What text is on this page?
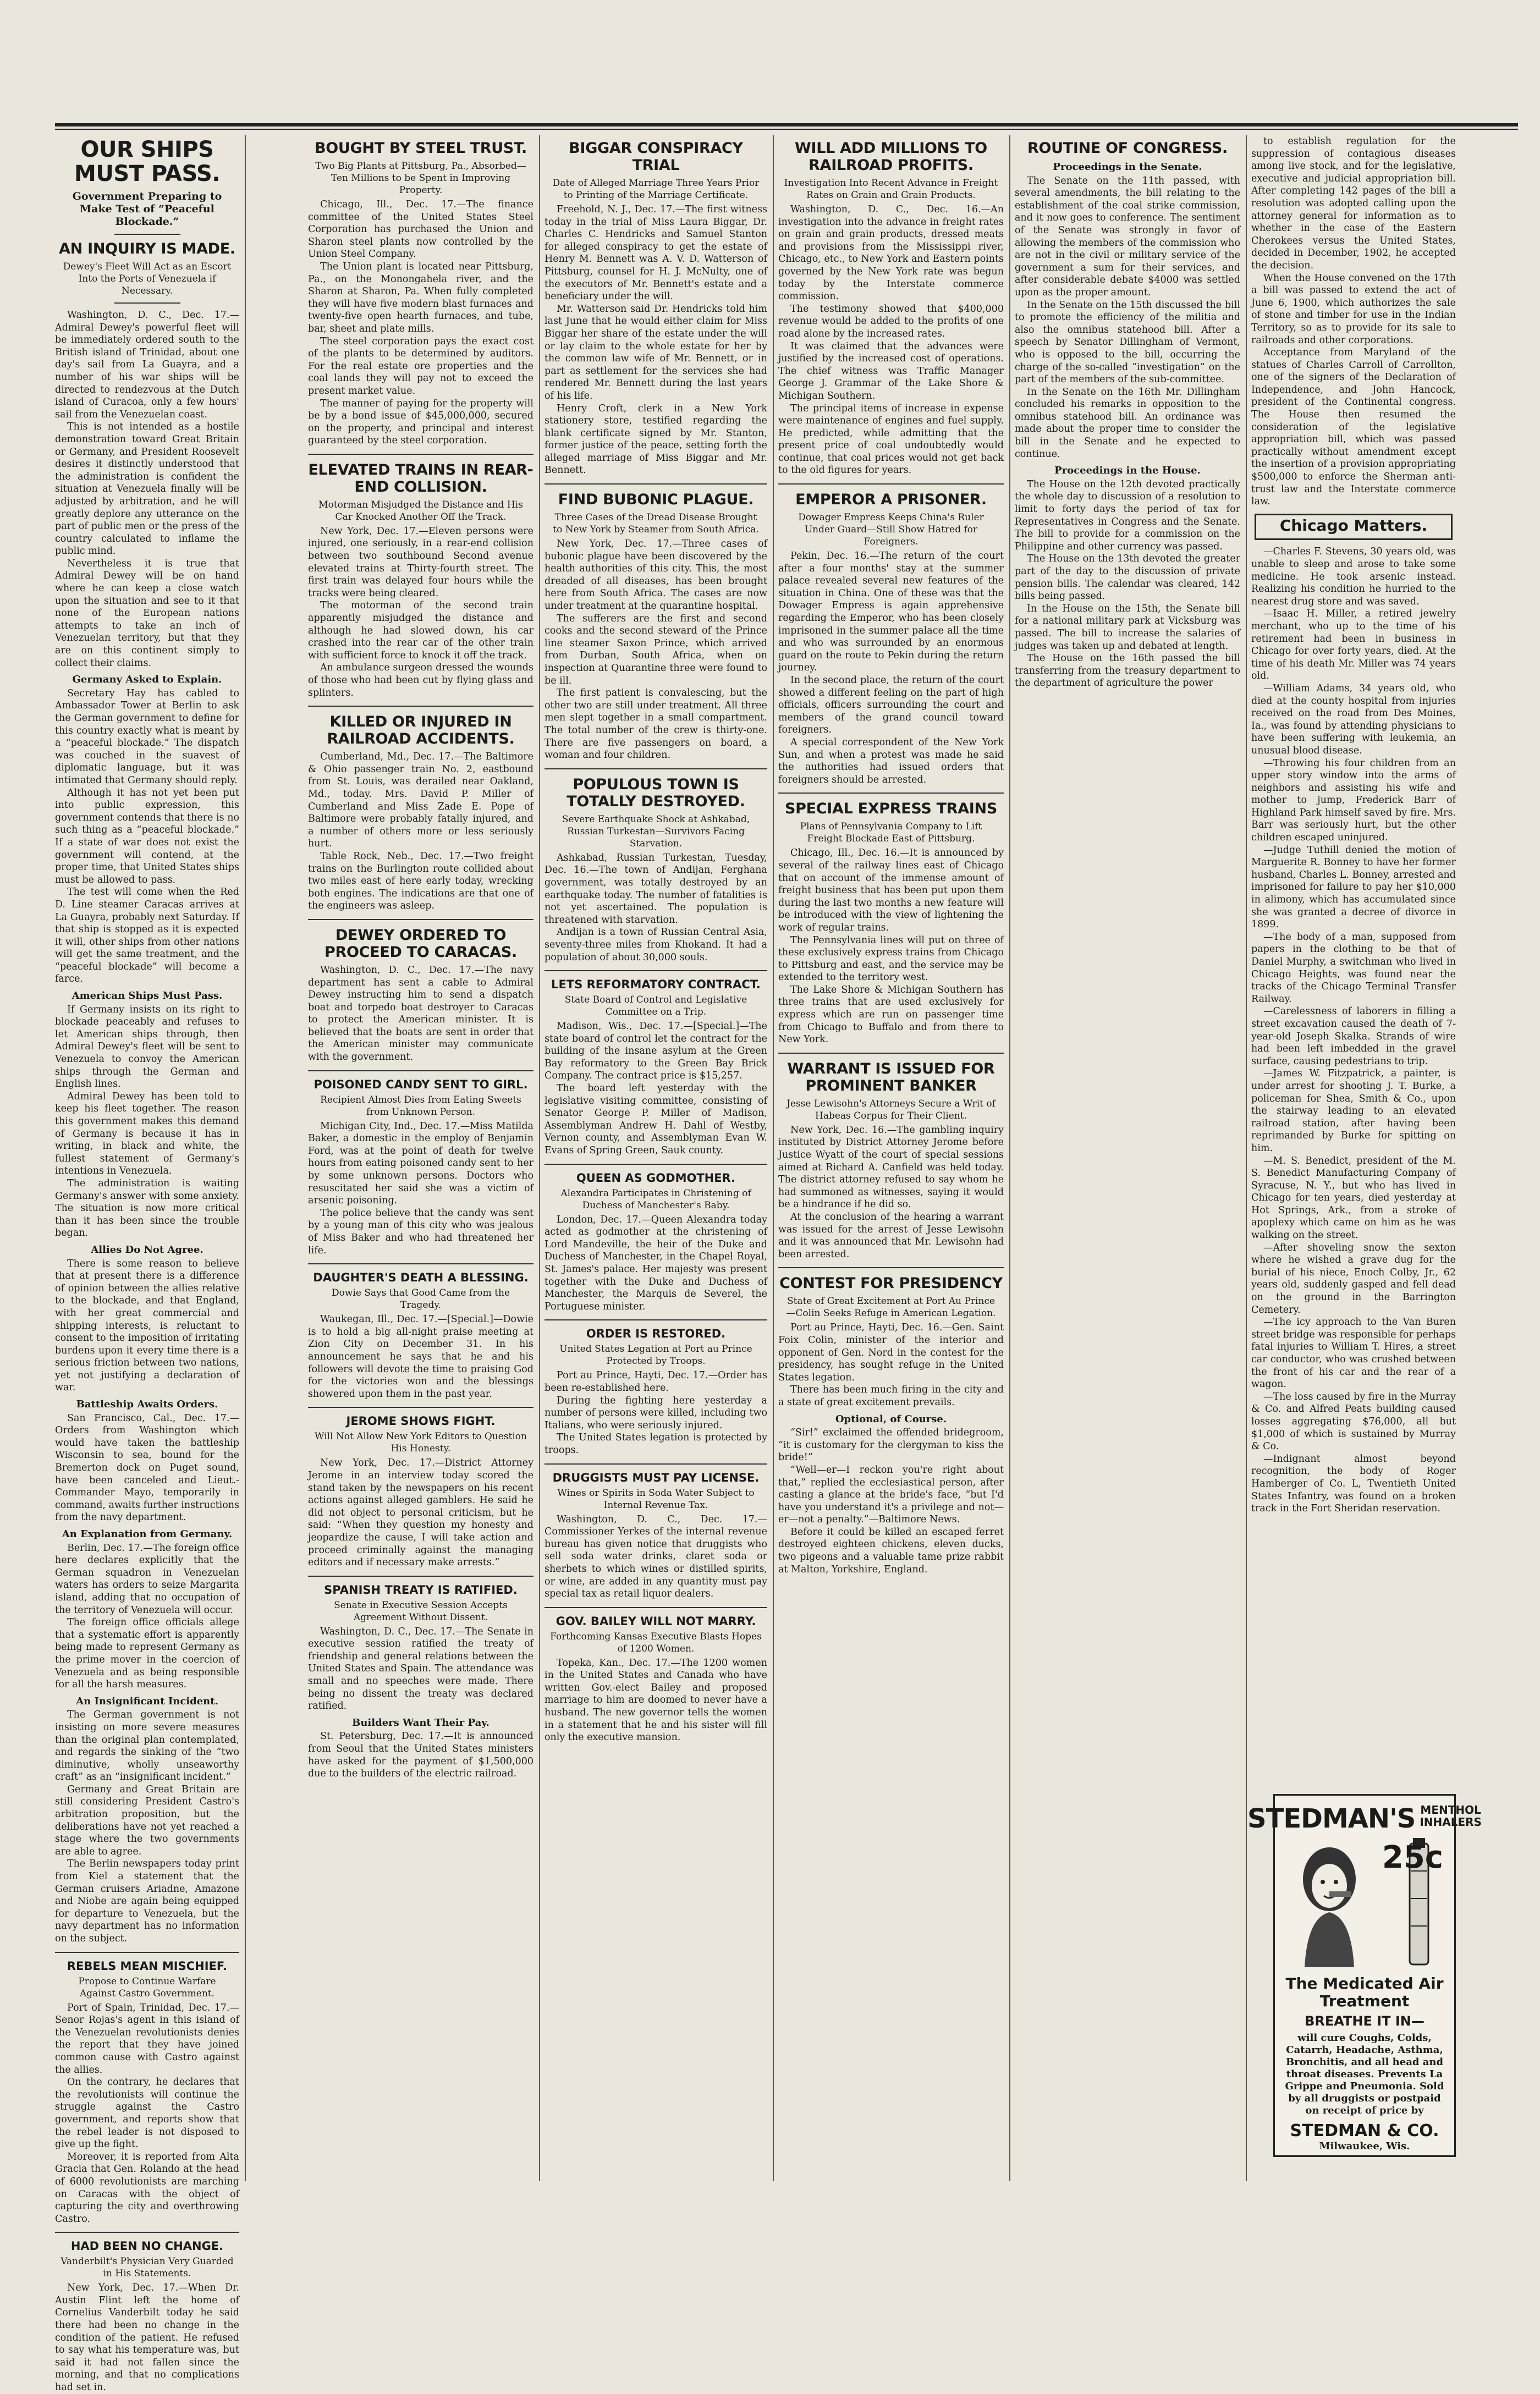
OUR SHIPS MUST PASS.
Government Preparing to Make Test of “Peaceful Blockade.”
AN INQUIRY IS MADE.
Dewey's Fleet Will Act as an Escort Into the Ports of Venezuela if Necessary.

Washington, D. C., Dec. 17.—Admiral Dewey's powerful fleet will be immediately ordered south to the British island of Trinidad, about one day's sail from La Guayra, and a number of his war ships will be directed to rendezvous at the Dutch island of Curacoa, only a few hours' sail from the Venezuelan coast.

This is not intended as a hostile demonstration toward Great Britain or Germany, and President Roosevelt desires it distinctly understood that the administration is confident the situation at Venezuela finally will be adjusted by arbitration, and he will greatly deplore any utterance on the part of public men or the press of the country calculated to inflame the public mind.

Nevertheless it is true that Admiral Dewey will be on hand where he can keep a close watch upon the situation and see to it that none of the European nations attempts to take an inch of Venezuelan territory, but that they are on this continent simply to collect their claims.

Germany Asked to Explain.

Secretary Hay has cabled to Ambassador Tower at Berlin to ask the German government to define for this country exactly what is meant by a “peaceful blockade.” The dispatch was couched in the suavest of diplomatic language, but it was intimated that Germany should reply.

Although it has not yet been put into public expression, this government contends that there is no such thing as a “peaceful blockade.” If a state of war does not exist the government will contend, at the proper time, that United States ships must be allowed to pass.

The test will come when the Red D. Line steamer Caracas arrives at La Guayra, probably next Saturday. If that ship is stopped as it is expected it will, other ships from other nations will get the same treatment, and the “peaceful blockade” will become a farce.

American Ships Must Pass.

If Germany insists on its right to blockade peaceably and refuses to let American ships through, then Admiral Dewey's fleet will be sent to Venezuela to convoy the American ships through the German and English lines.

Admiral Dewey has been told to keep his fleet together. The reason this government makes this demand of Germany is because it has in writing, in black and white, the fullest statement of Germany's intentions in Venezuela.

The administration is waiting Germany's answer with some anxiety. The situation is now more critical than it has been since the trouble began.

Allies Do Not Agree.

There is some reason to believe that at present there is a difference of opinion between the allies relative to the blockade, and that England, with her great commercial and shipping interests, is reluctant to consent to the imposition of irritating burdens upon it every time there is a serious friction between two nations, yet not justifying a declaration of war.

Battleship Awaits Orders.

San Francisco, Cal., Dec. 17.—Orders from Washington which would have taken the battleship Wisconsin to sea, bound for the Bremerton dock on Puget sound, have been canceled and Lieut.-Commander Mayo, temporarily in command, awaits further instructions from the navy department.

An Explanation from Germany.

Berlin, Dec. 17.—The foreign office here declares explicitly that the German squadron in Venezuelan waters has orders to seize Margarita island, adding that no occupation of the territory of Venezuela will occur.

The foreign office officials allege that a systematic effort is apparently being made to represent Germany as the prime mover in the coercion of Venezuela and as being responsible for all the harsh measures.

An Insignificant Incident.

The German government is not insisting on more severe measures than the original plan contemplated, and regards the sinking of the “two diminutive, wholly unseaworthy craft” as an “insignificant incident.”

Germany and Great Britain are still considering President Castro's arbitration proposition, but the deliberations have not yet reached a stage where the two governments are able to agree.

The Berlin newspapers today print from Kiel a statement that the German cruisers Ariadne, Amazone and Niobe are again being equipped for departure to Venezuela, but the navy department has no information on the subject.

REBELS MEAN MISCHIEF.
Propose to Continue Warfare Against Castro Government.

Port of Spain, Trinidad, Dec. 17.—Senor Rojas's agent in this island of the Venezuelan revolutionists denies the report that they have joined common cause with Castro against the allies.

On the contrary, he declares that the revolutionists will continue the struggle against the Castro government, and reports show that the rebel leader is not disposed to give up the fight.

Moreover, it is reported from Alta Gracia that Gen. Rolando at the head of 6000 revolutionists are marching on Caracas with the object of capturing the city and overthrowing Castro.

HAD BEEN NO CHANGE.
Vanderbilt's Physician Very Guarded in His Statements.

New York, Dec. 17.—When Dr. Austin Flint left the home of Cornelius Vanderbilt today he said there had been no change in the condition of the patient. He refused to say what his temperature was, but said it had not fallen since the morning, and that no complications had set in.

BOUGHT BY STEEL TRUST.
Two Big Plants at Pittsburg, Pa., Absorbed—Ten Millions to be Spent in Improving Property.

Chicago, Ill., Dec. 17.—The finance committee of the United States Steel Corporation has purchased the Union and Sharon steel plants now controlled by the Union Steel Company.

The Union plant is located near Pittsburg, Pa., on the Monongahela river, and the Sharon at Sharon, Pa. When fully completed they will have five modern blast furnaces and twenty-five open hearth furnaces, and tube, bar, sheet and plate mills.

The steel corporation pays the exact cost of the plants to be determined by auditors. For the real estate ore properties and the coal lands they will pay not to exceed the present market value.

The manner of paying for the property will be by a bond issue of $45,000,000, secured on the property, and principal and interest guaranteed by the steel corporation.

ELEVATED TRAINS IN REAR-END COLLISION.
Motorman Misjudged the Distance and His Car Knocked Another Off the Track.

New York, Dec. 17.—Eleven persons were injured, one seriously, in a rear-end collision between two southbound Second avenue elevated trains at Thirty-fourth street. The first train was delayed four hours while the tracks were being cleared.

The motorman of the second train apparently misjudged the distance and although he had slowed down, his car crashed into the rear car of the other train with sufficient force to knock it off the track.

An ambulance surgeon dressed the wounds of those who had been cut by flying glass and splinters.

KILLED OR INJURED IN RAILROAD ACCIDENTS.

Cumberland, Md., Dec. 17.—The Baltimore & Ohio passenger train No. 2, eastbound from St. Louis, was derailed near Oakland, Md., today. Mrs. David P. Miller of Cumberland and Miss Zade E. Pope of Baltimore were probably fatally injured, and a number of others more or less seriously hurt.

Table Rock, Neb., Dec. 17.—Two freight trains on the Burlington route collided about two miles east of here early today, wrecking both engines. The indications are that one of the engineers was asleep.

DEWEY ORDERED TO PROCEED TO CARACAS.

Washington, D. C., Dec. 17.—The navy department has sent a cable to Admiral Dewey instructing him to send a dispatch boat and torpedo boat destroyer to Caracas to protect the American minister. It is believed that the boats are sent in order that the American minister may communicate with the government.

POISONED CANDY SENT TO GIRL.
Recipient Almost Dies from Eating Sweets from Unknown Person.

Michigan City, Ind., Dec. 17.—Miss Matilda Baker, a domestic in the employ of Benjamin Ford, was at the point of death for twelve hours from eating poisoned candy sent to her by some unknown persons. Doctors who resuscitated her said she was a victim of arsenic poisoning.

The police believe that the candy was sent by a young man of this city who was jealous of Miss Baker and who had threatened her life.

DAUGHTER'S DEATH A BLESSING.
Dowie Says that Good Came from the Tragedy.

Waukegan, Ill., Dec. 17.—[Special.]—Dowie is to hold a big all-night praise meeting at Zion City on December 31. In his announcement he says that he and his followers will devote the time to praising God for the victories won and the blessings showered upon them in the past year.

JEROME SHOWS FIGHT.
Will Not Allow New York Editors to Question His Honesty.

New York, Dec. 17.—District Attorney Jerome in an interview today scored the stand taken by the newspapers on his recent actions against alleged gamblers. He said he did not object to personal criticism, but he said: “When they question my honesty and jeopardize the cause, I will take action and proceed criminally against the managing editors and if necessary make arrests.”

SPANISH TREATY IS RATIFIED.
Senate in Executive Session Accepts Agreement Without Dissent.

Washington, D. C., Dec. 17.—The Senate in executive session ratified the treaty of friendship and general relations between the United States and Spain. The attendance was small and no speeches were made. There being no dissent the treaty was declared ratified.

Builders Want Their Pay.

St. Petersburg, Dec. 17.—It is announced from Seoul that the United States ministers have asked for the payment of $1,500,000 due to the builders of the electric railroad.

BIGGAR CONSPIRACY TRIAL
Date of Alleged Marriage Three Years Prior to Printing of the Marriage Certificate.

Freehold, N. J., Dec. 17.—The first witness today in the trial of Miss Laura Biggar, Dr. Charles C. Hendricks and Samuel Stanton for alleged conspiracy to get the estate of Henry M. Bennett was A. V. D. Watterson of Pittsburg, counsel for H. J. McNulty, one of the executors of Mr. Bennett's estate and a beneficiary under the will.

Mr. Watterson said Dr. Hendricks told him last June that he would either claim for Miss Biggar her share of the estate under the will or lay claim to the whole estate for her by the common law wife of Mr. Bennett, or in part as settlement for the services she had rendered Mr. Bennett during the last years of his life.

Henry Croft, clerk in a New York stationery store, testified regarding the blank certificate signed by Mr. Stanton, former justice of the peace, setting forth the alleged marriage of Miss Biggar and Mr. Bennett.

FIND BUBONIC PLAGUE.
Three Cases of the Dread Disease Brought to New York by Steamer from South Africa.

New York, Dec. 17.—Three cases of bubonic plague have been discovered by the health authorities of this city. This, the most dreaded of all diseases, has been brought here from South Africa. The cases are now under treatment at the quarantine hospital.

The sufferers are the first and second cooks and the second steward of the Prince line steamer Saxon Prince, which arrived from Durban, South Africa, when on inspection at Quarantine three were found to be ill.

The first patient is convalescing, but the other two are still under treatment. All three men slept together in a small compartment. The total number of the crew is thirty-one. There are five passengers on board, a woman and four children.

POPULOUS TOWN IS TOTALLY DESTROYED.
Severe Earthquake Shock at Ashkabad, Russian Turkestan—Survivors Facing Starvation.

Ashkabad, Russian Turkestan, Tuesday, Dec. 16.—The town of Andijan, Ferghana government, was totally destroyed by an earthquake today. The number of fatalities is not yet ascertained. The population is threatened with starvation.

Andijan is a town of Russian Central Asia, seventy-three miles from Khokand. It had a population of about 30,000 souls.

LETS REFORMATORY CONTRACT.
State Board of Control and Legislative Committee on a Trip.

Madison, Wis., Dec. 17.—[Special.]—The state board of control let the contract for the building of the insane asylum at the Green Bay reformatory to the Green Bay Brick Company. The contract price is $15,257.

The board left yesterday with the legislative visiting committee, consisting of Senator George P. Miller of Madison, Assemblyman Andrew H. Dahl of Westby, Vernon county, and Assemblyman Evan W. Evans of Spring Green, Sauk county.

QUEEN AS GODMOTHER.
Alexandra Participates in Christening of Duchess of Manchester's Baby.

London, Dec. 17.—Queen Alexandra today acted as godmother at the christening of Lord Mandeville, the heir of the Duke and Duchess of Manchester, in the Chapel Royal, St. James's palace. Her majesty was present together with the Duke and Duchess of Manchester, the Marquis de Severel, the Portuguese minister.

ORDER IS RESTORED.
United States Legation at Port au Prince Protected by Troops.

Port au Prince, Hayti, Dec. 17.—Order has been re-established here.

During the fighting here yesterday a number of persons were killed, including two Italians, who were seriously injured.

The United States legation is protected by troops.

DRUGGISTS MUST PAY LICENSE.
Wines or Spirits in Soda Water Subject to Internal Revenue Tax.

Washington, D. C., Dec. 17.—Commissioner Yerkes of the internal revenue bureau has given notice that druggists who sell soda water drinks, claret soda or sherbets to which wines or distilled spirits, or wine, are added in any quantity must pay special tax as retail liquor dealers.

GOV. BAILEY WILL NOT MARRY.
Forthcoming Kansas Executive Blasts Hopes of 1200 Women.

Topeka, Kan., Dec. 17.—The 1200 women in the United States and Canada who have written Gov.-elect Bailey and proposed marriage to him are doomed to never have a husband. The new governor tells the women in a statement that he and his sister will fill only the executive mansion.

WILL ADD MILLIONS TO RAILROAD PROFITS.
Investigation Into Recent Advance in Freight Rates on Grain and Grain Products.

Washington, D. C., Dec. 16.—An investigation into the advance in freight rates on grain and grain products, dressed meats and provisions from the Mississippi river, Chicago, etc., to New York and Eastern points governed by the New York rate was begun today by the Interstate commerce commission.

The testimony showed that $400,000 revenue would be added to the profits of one road alone by the increased rates.

It was claimed that the advances were justified by the increased cost of operations. The chief witness was Traffic Manager George J. Grammar of the Lake Shore & Michigan Southern.

The principal items of increase in expense were maintenance of engines and fuel supply. He predicted, while admitting that the present price of coal undoubtedly would continue, that coal prices would not get back to the old figures for years.

EMPEROR A PRISONER.
Dowager Empress Keeps China's Ruler Under Guard—Still Show Hatred for Foreigners.

Pekin, Dec. 16.—The return of the court after a four months' stay at the summer palace revealed several new features of the situation in China. One of these was that the Dowager Empress is again apprehensive regarding the Emperor, who has been closely imprisoned in the summer palace all the time and who was surrounded by an enormous guard on the route to Pekin during the return journey.

In the second place, the return of the court showed a different feeling on the part of high officials, officers surrounding the court and members of the grand council toward foreigners.

A special correspondent of the New York Sun, and when a protest was made he said the authorities had issued orders that foreigners should be arrested.

SPECIAL EXPRESS TRAINS
Plans of Pennsylvania Company to Lift Freight Blockade East of Pittsburg.

Chicago, Ill., Dec. 16.—It is announced by several of the railway lines east of Chicago that on account of the immense amount of freight business that has been put upon them during the last two months a new feature will be introduced with the view of lightening the work of regular trains.

The Pennsylvania lines will put on three of these exclusively express trains from Chicago to Pittsburg and east, and the service may be extended to the territory west.

The Lake Shore & Michigan Southern has three trains that are used exclusively for express which are run on passenger time from Chicago to Buffalo and from there to New York.

WARRANT IS ISSUED FOR PROMINENT BANKER
Jesse Lewisohn's Attorneys Secure a Writ of Habeas Corpus for Their Client.

New York, Dec. 16.—The gambling inquiry instituted by District Attorney Jerome before Justice Wyatt of the court of special sessions aimed at Richard A. Canfield was held today. The district attorney refused to say whom he had summoned as witnesses, saying it would be a hindrance if he did so.

At the conclusion of the hearing a warrant was issued for the arrest of Jesse Lewisohn and it was announced that Mr. Lewisohn had been arrested.

CONTEST FOR PRESIDENCY
State of Great Excitement at Port Au Prince—Colin Seeks Refuge in American Legation.

Port au Prince, Hayti, Dec. 16.—Gen. Saint Foix Colin, minister of the interior and opponent of Gen. Nord in the contest for the presidency, has sought refuge in the United States legation.

There has been much firing in the city and a state of great excitement prevails.

Optional, of Course.

“Sir!” exclaimed the offended bridegroom, “it is customary for the clergyman to kiss the bride!”

“Well—er—I reckon you're right about that,” replied the ecclesiastical person, after casting a glance at the bride's face, “but I'd have you understand it's a privilege and not—er—not a penalty.”—Baltimore News.

Before it could be killed an escaped ferret destroyed eighteen chickens, eleven ducks, two pigeons and a valuable tame prize rabbit at Malton, Yorkshire, England.

ROUTINE OF CONGRESS.
Proceedings in the Senate.

The Senate on the 11th passed, with several amendments, the bill relating to the establishment of the coal strike commission, and it now goes to conference. The sentiment of the Senate was strongly in favor of allowing the members of the commission who are not in the civil or military service of the government a sum for their services, and after considerable debate $4000 was settled upon as the proper amount.

In the Senate on the 15th discussed the bill to promote the efficiency of the militia and also the omnibus statehood bill. After a speech by Senator Dillingham of Vermont, who is opposed to the bill, occurring the charge of the so-called “investigation” on the part of the members of the sub-committee.

In the Senate on the 16th Mr. Dillingham concluded his remarks in opposition to the omnibus statehood bill. An ordinance was made about the proper time to consider the bill in the Senate and he expected to continue.

Proceedings in the House.

The House on the 12th devoted practically the whole day to discussion of a resolution to limit to forty days the period of tax for Representatives in Congress and the Senate. The bill to provide for a commission on the Philippine and other currency was passed.

The House on the 13th devoted the greater part of the day to the discussion of private pension bills. The calendar was cleared, 142 bills being passed.

In the House on the 15th, the Senate bill for a national military park at Vicksburg was passed. The bill to increase the salaries of judges was taken up and debated at length.

The House on the 16th passed the bill transferring from the treasury department to the department of agriculture the power

to establish regulation for the suppression of contagious diseases among live stock, and for the legislative, executive and judicial appropriation bill. After completing 142 pages of the bill a resolution was adopted calling upon the attorney general for information as to whether in the case of the Eastern Cherokees versus the United States, decided in December, 1902, he accepted the decision.

When the House convened on the 17th a bill was passed to extend the act of June 6, 1900, which authorizes the sale of stone and timber for use in the Indian Territory, so as to provide for its sale to railroads and other corporations.

Acceptance from Maryland of the statues of Charles Carroll of Carrollton, one of the signers of the Declaration of Independence, and John Hancock, president of the Continental congress. The House then resumed the consideration of the legislative appropriation bill, which was passed practically without amendment except the insertion of a provision appropriating $500,000 to enforce the Sherman anti-trust law and the Interstate commerce law.

Chicago Matters.

—Charles F. Stevens, 30 years old, was unable to sleep and arose to take some medicine. He took arsenic instead. Realizing his condition he hurried to the nearest drug store and was saved.

—Isaac H. Miller, a retired jewelry merchant, who up to the time of his retirement had been in business in Chicago for over forty years, died. At the time of his death Mr. Miller was 74 years old.

—William Adams, 34 years old, who died at the county hospital from injuries received on the road from Des Moines, Ia., was found by attending physicians to have been suffering with leukemia, an unusual blood disease.

—Throwing his four children from an upper story window into the arms of neighbors and assisting his wife and mother to jump, Frederick Barr of Highland Park himself saved by fire. Mrs. Barr was seriously hurt, but the other children escaped uninjured.

—Judge Tuthill denied the motion of Marguerite R. Bonney to have her former husband, Charles L. Bonney, arrested and imprisoned for failure to pay her $10,000 in alimony, which has accumulated since she was granted a decree of divorce in 1899.

—The body of a man, supposed from papers in the clothing to be that of Daniel Murphy, a switchman who lived in Chicago Heights, was found near the tracks of the Chicago Terminal Transfer Railway.

—Carelessness of laborers in filling a street excavation caused the death of 7-year-old Joseph Skalka. Strands of wire had been left imbedded in the gravel surface, causing pedestrians to trip.

—James W. Fitzpatrick, a painter, is under arrest for shooting J. T. Burke, a policeman for Shea, Smith & Co., upon the stairway leading to an elevated railroad station, after having been reprimanded by Burke for spitting on him.

—M. S. Benedict, president of the M. S. Benedict Manufacturing Company of Syracuse, N. Y., but who has lived in Chicago for ten years, died yesterday at Hot Springs, Ark., from a stroke of apoplexy which came on him as he was walking on the street.

—After shoveling snow the sexton where he wished a grave dug for the burial of his niece, Enoch Colby, Jr., 62 years old, suddenly gasped and fell dead on the ground in the Barrington Cemetery.

—The icy approach to the Van Buren street bridge was responsible for perhaps fatal injuries to William T. Hires, a street car conductor, who was crushed between the front of his car and the rear of a wagon.

—The loss caused by fire in the Murray & Co. and Alfred Peats building caused losses aggregating $76,000, all but $1,000 of which is sustained by Murray & Co.

—Indignant almost beyond recognition, the body of Roger Hamberger of Co. L, Twentieth United States Infantry, was found on a broken track in the Fort Sheridan reservation.

STEDMAN'S MENTHOL
INHALERS
25c
The Medicated Air Treatment
BREATHE IT IN—
will cure Coughs, Colds, Catarrh, Headache, Asthma, Bronchitis, and all head and throat diseases. Prevents La Grippe and Pneumonia. Sold by all druggists or postpaid on receipt of price by
STEDMAN & CO.
Milwaukee, Wis.
